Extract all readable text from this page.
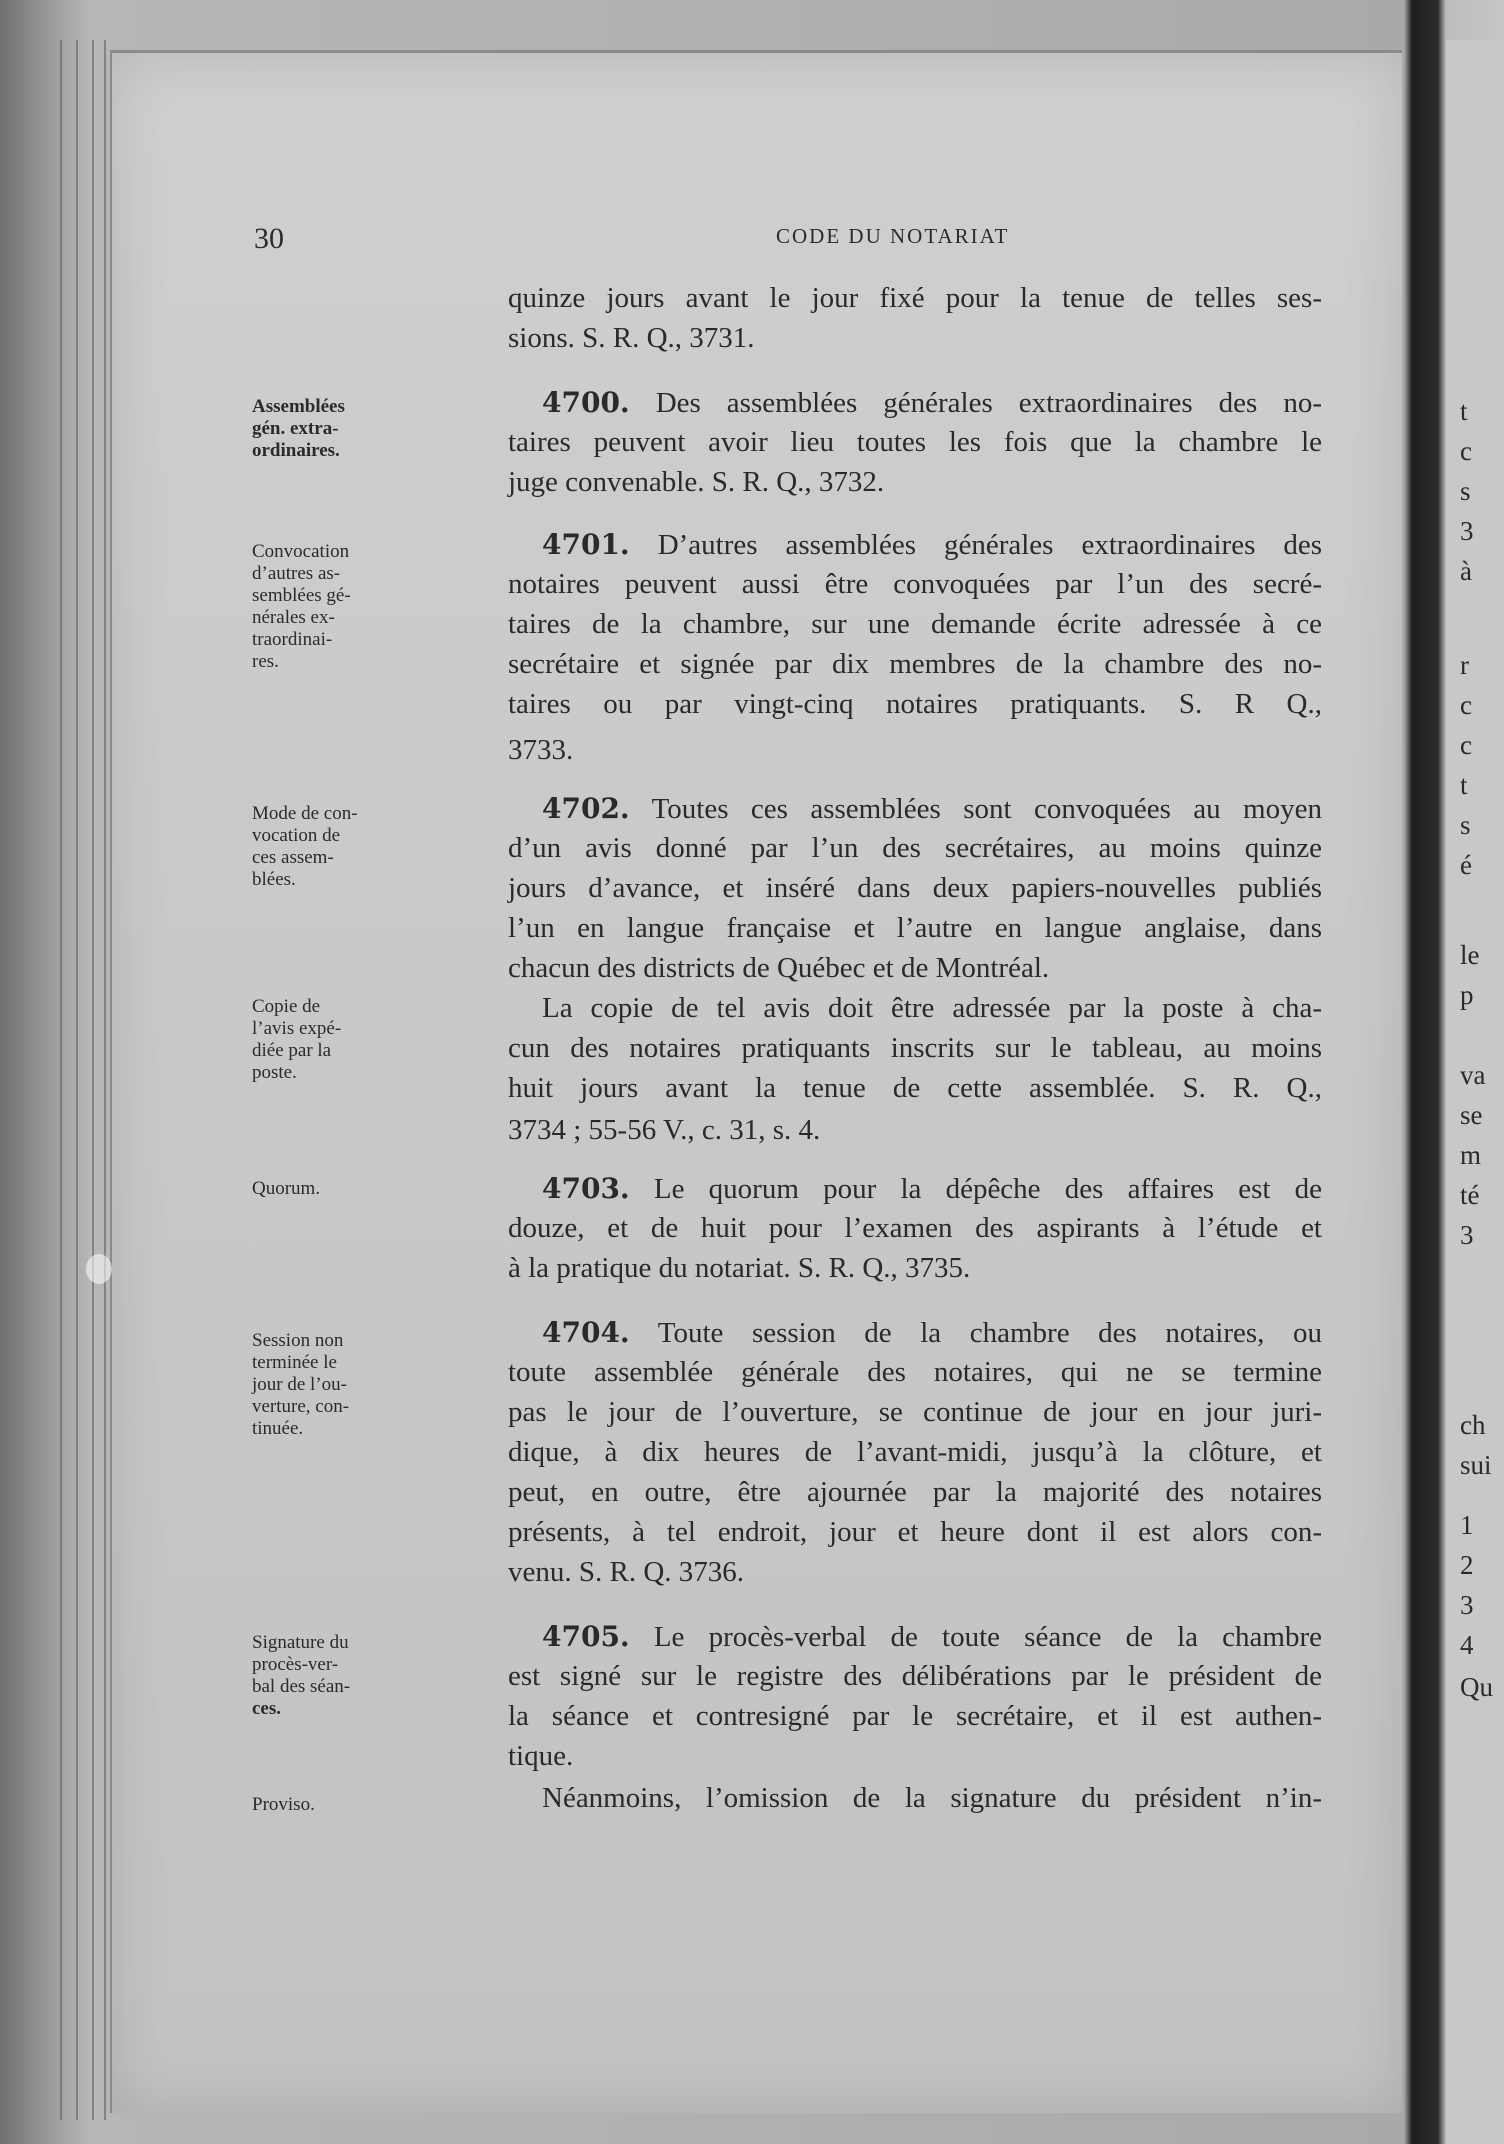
t
c
s
3
à
r
c
c
t
s
é
le
p
va
se
m
té
3
ch
sui
1
2
3
4
Qu
30	CODE DU NOTARIAT
Assemblées
gén. extra-
ordinaires.
Convocation
d’autres as-
semblées gé-
nérales ex-
traordinai-
res.
Mode de con-
vocation de
ces assem-
blées.
Copie de
l’avis expé-
diée par la
poste.
Quorum.
Session non
terminée le
jour de l’ou-
verture, con-
tinuée.
Signature du
procès-ver-
bal des séan-
ces.
Proviso.
quinze jours avant le jour fixé pour la tenue de telles ses-
sions. S. R. Q., 3731.
4700. Des assemblées générales extraordinaires des no-
taires peuvent avoir lieu toutes les fois que la chambre le
juge convenable. S. R. Q., 3732.
4701. D’autres assemblées générales extraordinaires des
notaires peuvent aussi être convoquées par l’un des secré-
taires de la chambre, sur une demande écrite adressée à ce
secrétaire et signée par dix membres de la chambre des no-
taires ou par vingt-cinq notaires pratiquants. S. R Q.,
3733.
4702. Toutes ces assemblées sont convoquées au moyen
d’un avis donné par l’un des secrétaires, au moins quinze
jours d’avance, et inséré dans deux papiers-nouvelles publiés
l’un en langue française et l’autre en langue anglaise, dans
chacun des districts de Québec et de Montréal.
La copie de tel avis doit être adressée par la poste à cha-
cun des notaires pratiquants inscrits sur le tableau, au moins
huit jours avant la tenue de cette assemblée. S. R. Q.,
3734 ; 55-56 V., c. 31, s. 4.
4703. Le quorum pour la dépêche des affaires est de
douze, et de huit pour l’examen des aspirants à l’étude et
à la pratique du notariat. S. R. Q., 3735.
4704. Toute session de la chambre des notaires, ou
toute assemblée générale des notaires, qui ne se termine
pas le jour de l’ouverture, se continue de jour en jour juri-
dique, à dix heures de l’avant-midi, jusqu’à la clôture, et
peut, en outre, être ajournée par la majorité des notaires
présents, à tel endroit, jour et heure dont il est alors con-
venu. S. R. Q. 3736.
4705. Le procès-verbal de toute séance de la chambre
est signé sur le registre des délibérations par le président de
la séance et contresigné par le secrétaire, et il est authen-
tique.
Néanmoins, l’omission de la signature du président n’in-
